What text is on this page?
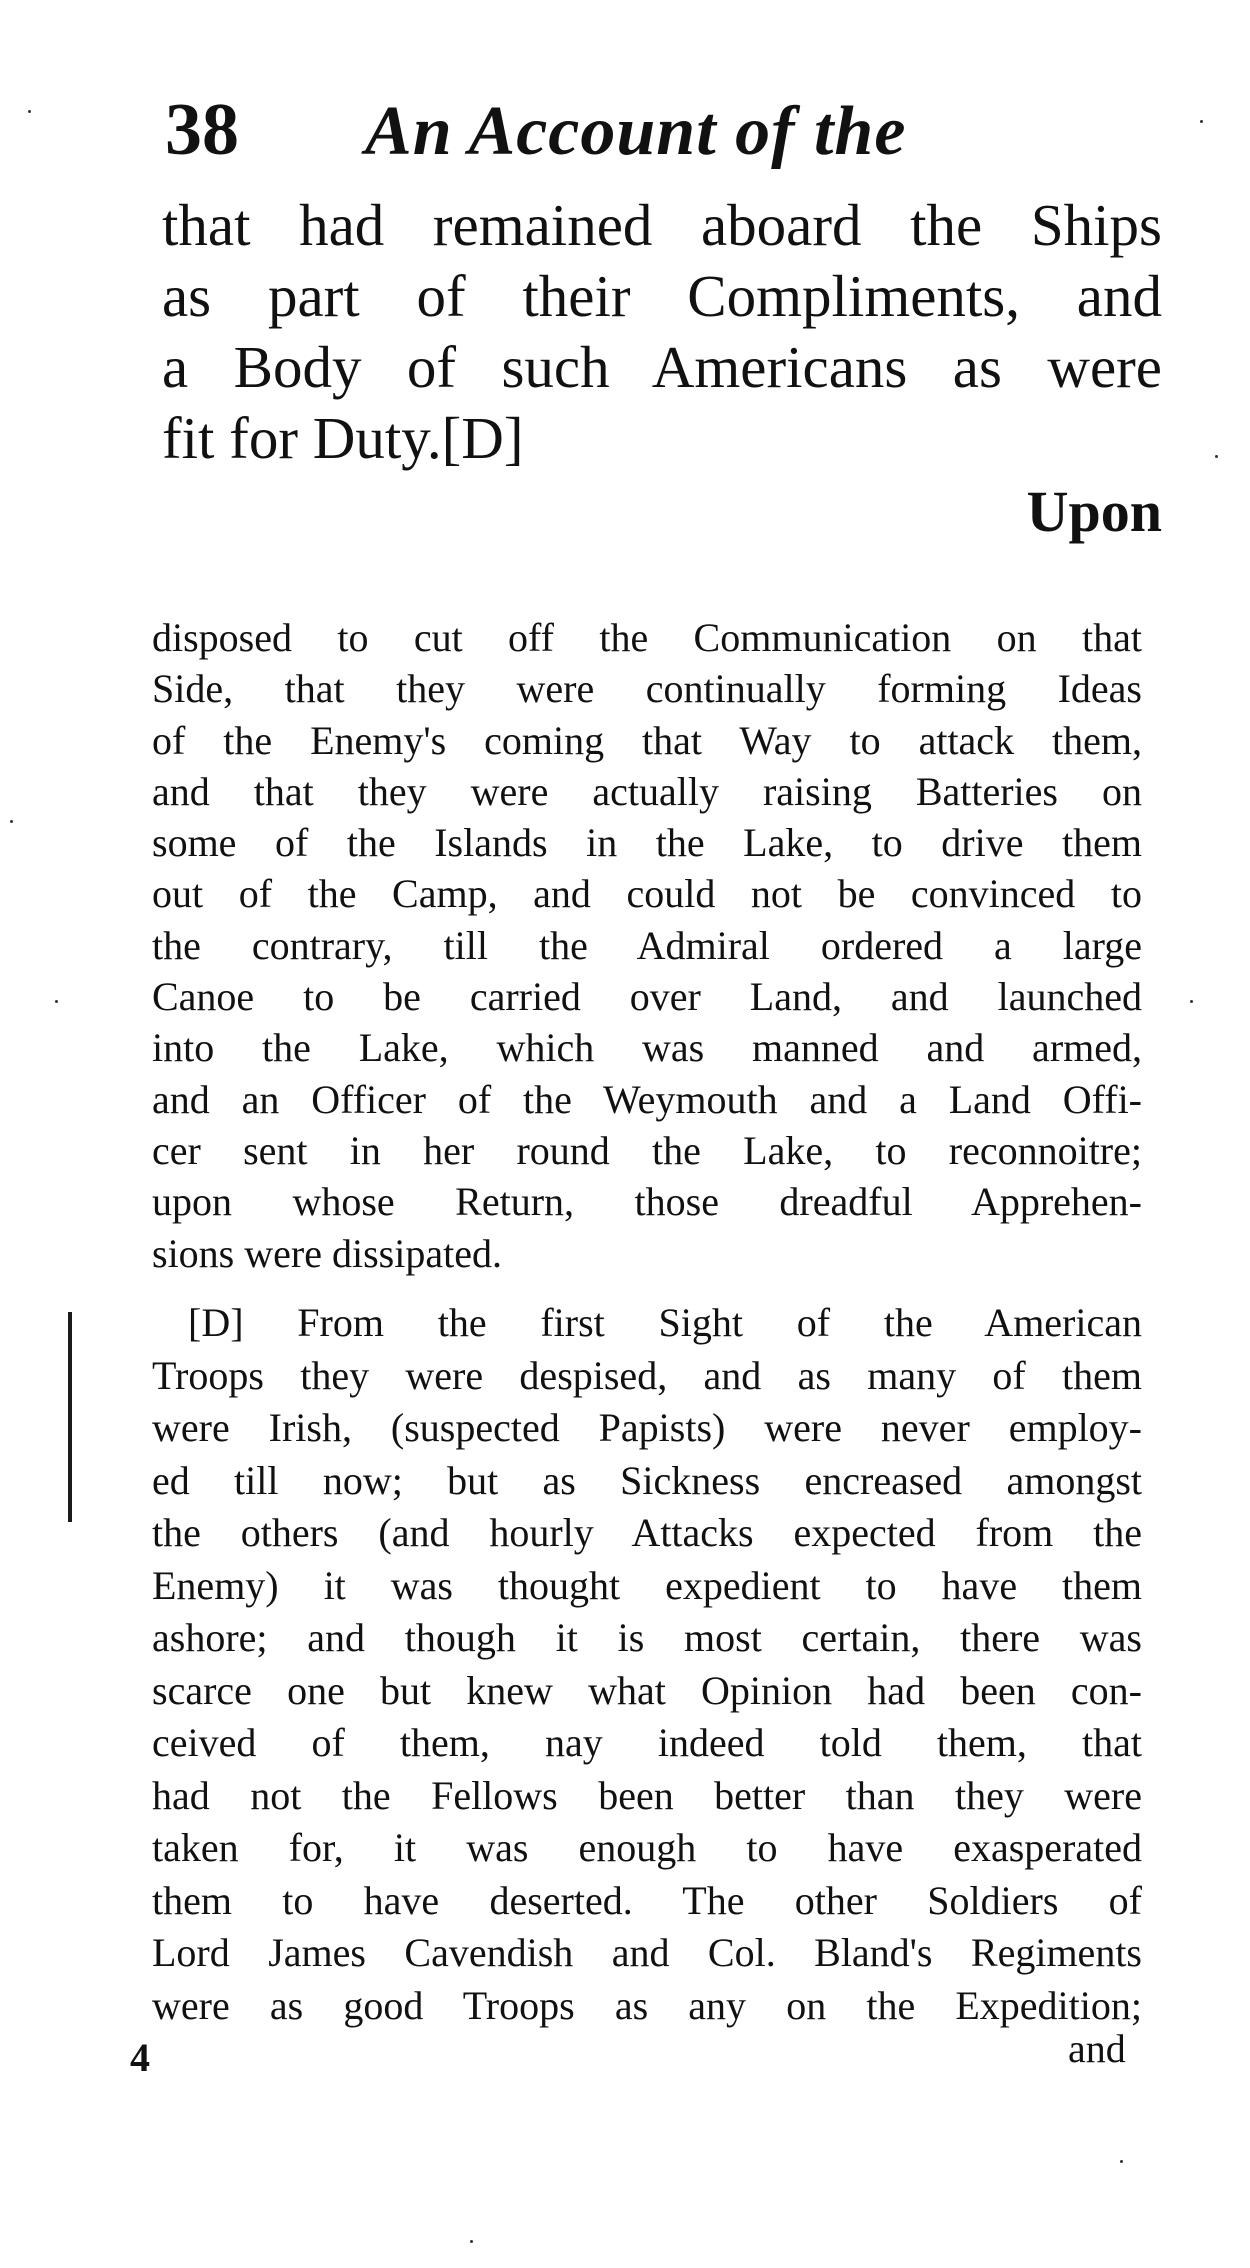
38 An Account of the
that had remained aboard the Ships
as part of their Compliments, and
a Body of such Americans as were
fit for Duty.[D]
Upon
disposed to cut off the Communication on that
Side, that they were continually forming Ideas
of the Enemy's coming that Way to attack them,
and that they were actually raising Batteries on
some of the Islands in the Lake, to drive them
out of the Camp, and could not be convinced to
the contrary, till the Admiral ordered a large
Canoe to be carried over Land, and launched
into the Lake, which was manned and armed,
and an Officer of the Weymouth and a Land Offi-
cer sent in her round the Lake, to reconnoitre;
upon whose Return, those dreadful Apprehen-
sions were dissipated.
[D] From the first Sight of the American
Troops they were despised, and as many of them
were Irish, (suspected Papists) were never employ-
ed till now; but as Sickness encreased amongst
the others (and hourly Attacks expected from the
Enemy) it was thought expedient to have them
ashore; and though it is most certain, there was
scarce one but knew what Opinion had been con-
ceived of them, nay indeed told them, that
had not the Fellows been better than they were
taken for, it was enough to have exasperated
them to have deserted. The other Soldiers of
Lord James Cavendish and Col. Bland's Regiments
were as good Troops as any on the Expedition;
4	and
